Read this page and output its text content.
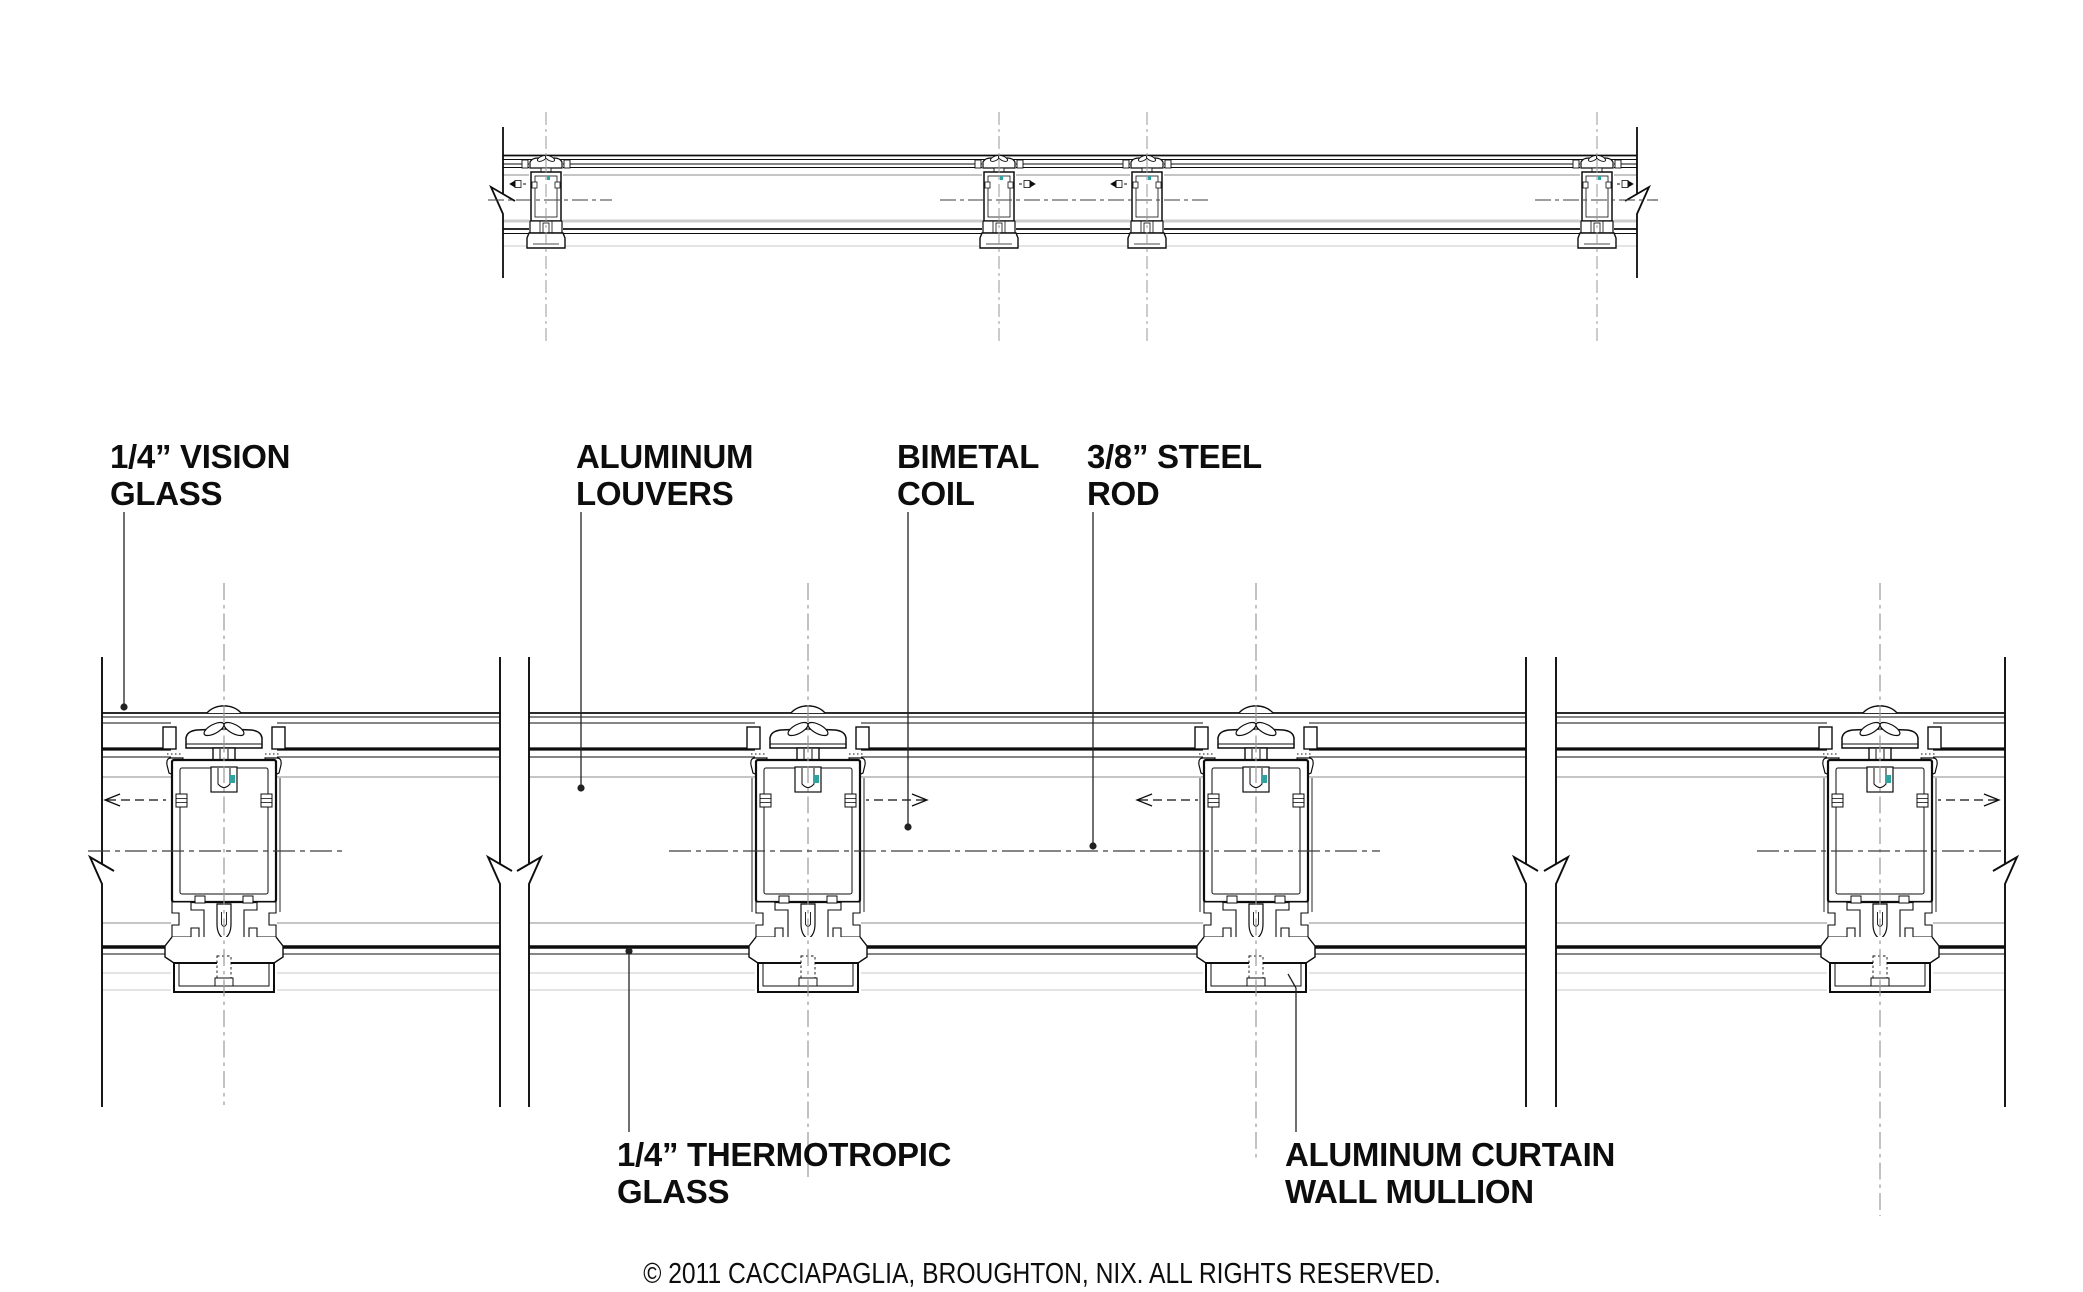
1/4” VISION
GLASS
ALUMINUM
LOUVERS
BIMETAL
COIL
3/8” STEEL
ROD
1/4” THERMOTROPIC
GLASS
ALUMINUM CURTAIN
WALL MULLION
© 2011 CACCIAPAGLIA, BROUGHTON, NIX. ALL RIGHTS RESERVED.
